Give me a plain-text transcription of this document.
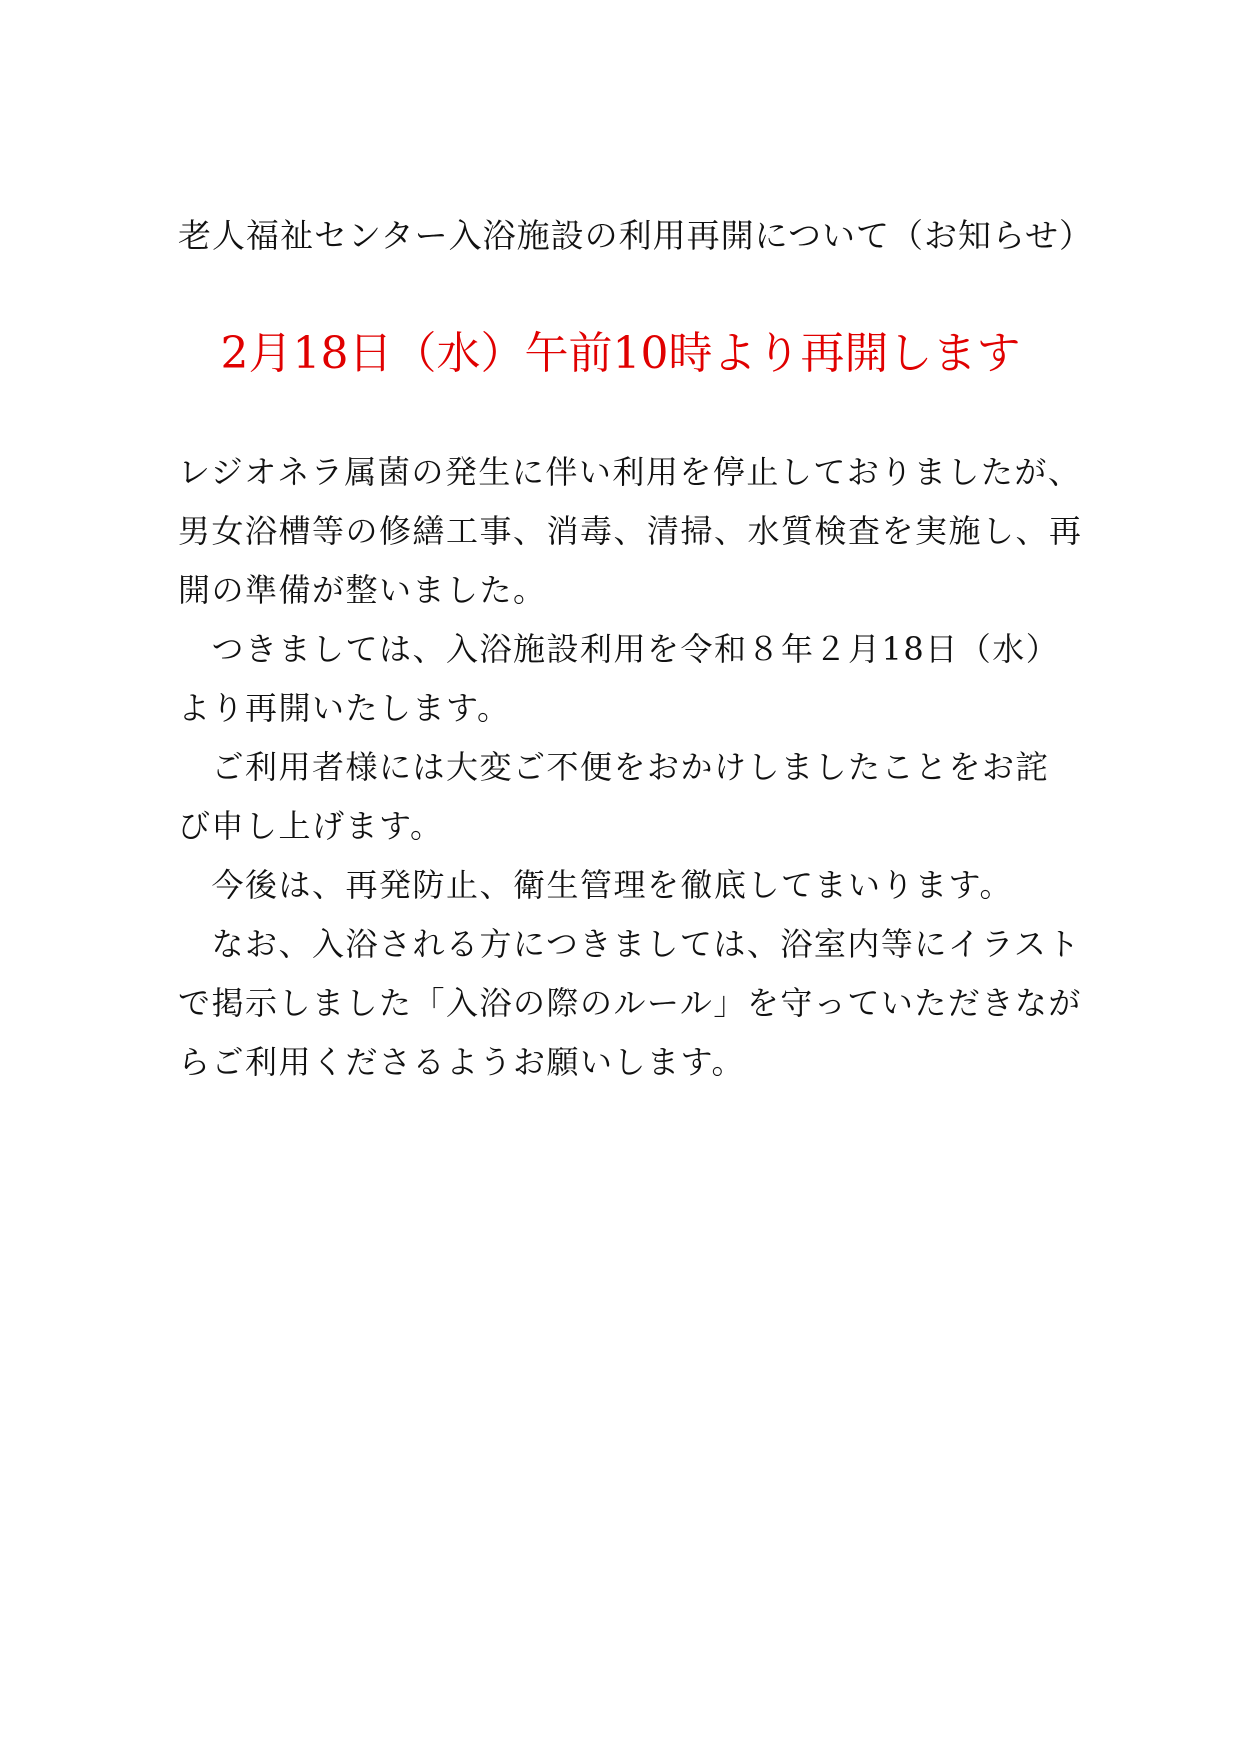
老人福祉センター入浴施設の利用再開について（お知らせ）
2月18日（水）午前10時より再開します
レジオネラ属菌の発生に伴い利用を停止しておりましたが、
男女浴槽等の修繕工事、消毒、清掃、水質検査を実施し、再
開の準備が整いました。
　つきましては、入浴施設利用を令和８年２月18日（水）
より再開いたします。
　ご利用者様には大変ご不便をおかけしましたことをお詫
び申し上げます。
　今後は、再発防止、衛生管理を徹底してまいります。
　なお、入浴される方につきましては、浴室内等にイラスト
で掲示しました「入浴の際のルール」を守っていただきなが
らご利用くださるようお願いします。
